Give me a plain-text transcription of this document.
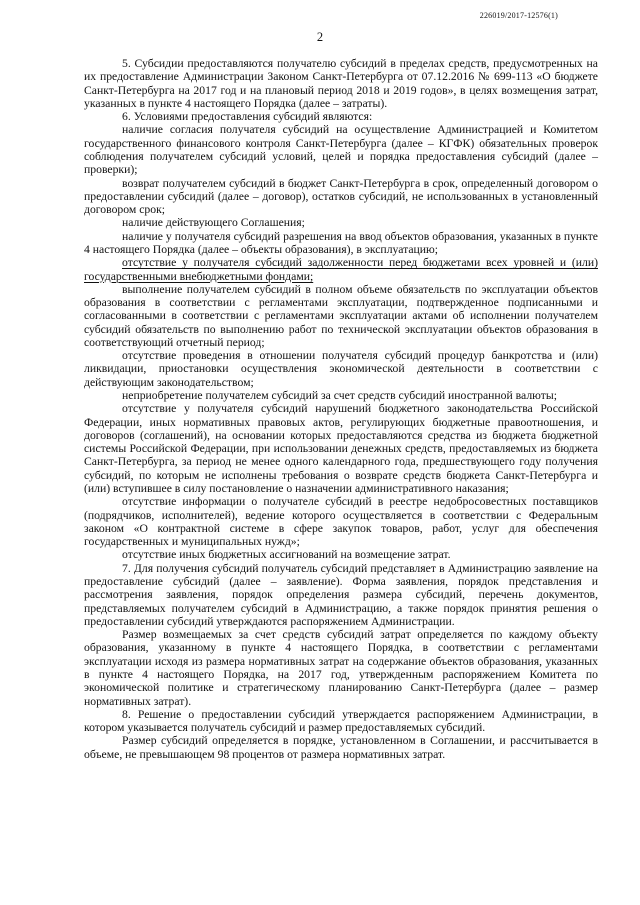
226019/2017-12576(1)
2

5. Субсидии предоставляются получателю субсидий в пределах средств, предусмотренных на их предоставление Администрации Законом Санкт-Петербурга от 07.12.2016 № 699-113 «О бюджете Санкт-Петербурга на 2017 год и на плановый период 2018 и 2019 годов», в целях возмещения затрат, указанных в пункте 4 настоящего Порядка (далее – затраты).

6. Условиями предоставления субсидий являются:

наличие согласия получателя субсидий на осуществление Администрацией и Комитетом государственного финансового контроля Санкт-Петербурга (далее – КГФК) обязательных проверок соблюдения получателем субсидий условий, целей и порядка предоставления субсидий (далее – проверки);

возврат получателем субсидий в бюджет Санкт-Петербурга в срок, определенный договором о предоставлении субсидий (далее – договор), остатков субсидий, не использованных в установленный договором срок;

наличие действующего Соглашения;

наличие у получателя субсидий разрешения на ввод объектов образования, указанных в пункте 4 настоящего Порядка (далее – объекты образования), в эксплуатацию;

отсутствие у получателя субсидий задолженности перед бюджетами всех уровней и (или) государственными внебюджетными фондами;

выполнение получателем субсидий в полном объеме обязательств по эксплуатации объектов образования в соответствии с регламентами эксплуатации, подтвержденное подписанными и согласованными в соответствии с регламентами эксплуатации актами об исполнении получателем субсидий обязательств по выполнению работ по технической эксплуатации объектов образования в соответствующий отчетный период;

отсутствие проведения в отношении получателя субсидий процедур банкротства и (или) ликвидации, приостановки осуществления экономической деятельности в соответствии с действующим законодательством;

неприобретение получателем субсидий за счет средств субсидий иностранной валюты;

отсутствие у получателя субсидий нарушений бюджетного законодательства Российской Федерации, иных нормативных правовых актов, регулирующих бюджетные правоотношения, и договоров (соглашений), на основании которых предоставляются средства из бюджета бюджетной системы Российской Федерации, при использовании денежных средств, предоставляемых из бюджета Санкт-Петербурга, за период не менее одного календарного года, предшествующего году получения субсидий, по которым не исполнены требования о возврате средств бюджета Санкт-Петербурга и (или) вступившее в силу постановление о назначении административного наказания;

отсутствие информации о получателе субсидий в реестре недобросовестных поставщиков (подрядчиков, исполнителей), ведение которого осуществляется в соответствии с Федеральным законом «О контрактной системе в сфере закупок товаров, работ, услуг для обеспечения государственных и муниципальных нужд»;

отсутствие иных бюджетных ассигнований на возмещение затрат.

7. Для получения субсидий получатель субсидий представляет в Администрацию заявление на предоставление субсидий (далее – заявление). Форма заявления, порядок представления и рассмотрения заявления, порядок определения размера субсидий, перечень документов, представляемых получателем субсидий в Администрацию, а также порядок принятия решения о предоставлении субсидий утверждаются распоряжением Администрации.

Размер возмещаемых за счет средств субсидий затрат определяется по каждому объекту образования, указанному в пункте 4 настоящего Порядка, в соответствии с регламентами эксплуатации исходя из размера нормативных затрат на содержание объектов образования, указанных в пункте 4 настоящего Порядка, на 2017 год, утвержденным распоряжением Комитета по экономической политике и стратегическому планированию Санкт-Петербурга (далее – размер нормативных затрат).

8. Решение о предоставлении субсидий утверждается распоряжением Администрации, в котором указывается получатель субсидий и размер предоставляемых субсидий.

Размер субсидий определяется в порядке, установленном в Соглашении, и рассчитывается в объеме, не превышающем 98 процентов от размера нормативных затрат.
